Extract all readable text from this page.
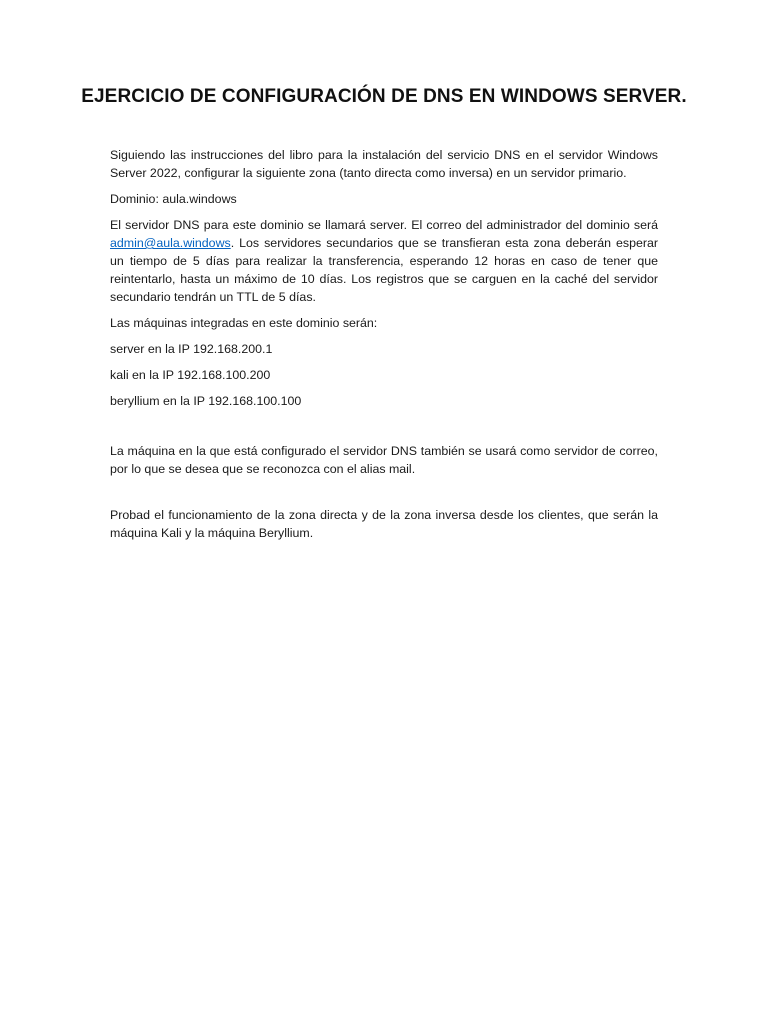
EJERCICIO DE CONFIGURACIÓN DE DNS EN WINDOWS SERVER.

Siguiendo las instrucciones del libro para la instalación del servicio DNS en el servidor Windows Server 2022, configurar la siguiente zona (tanto directa como inversa) en un servidor primario.

Dominio: aula.windows

El servidor DNS para este dominio se llamará server. El correo del administrador del dominio será admin@aula.windows. Los servidores secundarios que se transfieran esta zona deberán esperar un tiempo de 5 días para realizar la transferencia, esperando 12 horas en caso de tener que reintentarlo, hasta un máximo de 10 días. Los registros que se carguen en la caché del servidor secundario tendrán un TTL de 5 días.

Las máquinas integradas en este dominio serán:

server en la IP 192.168.200.1

kali en la IP 192.168.100.200

beryllium en la IP 192.168.100.100

La máquina en la que está configurado el servidor DNS también se usará como servidor de correo, por lo que se desea que se reconozca con el alias mail.

Probad el funcionamiento de la zona directa y de la zona inversa desde los clientes, que serán la máquina Kali y la máquina Beryllium.
